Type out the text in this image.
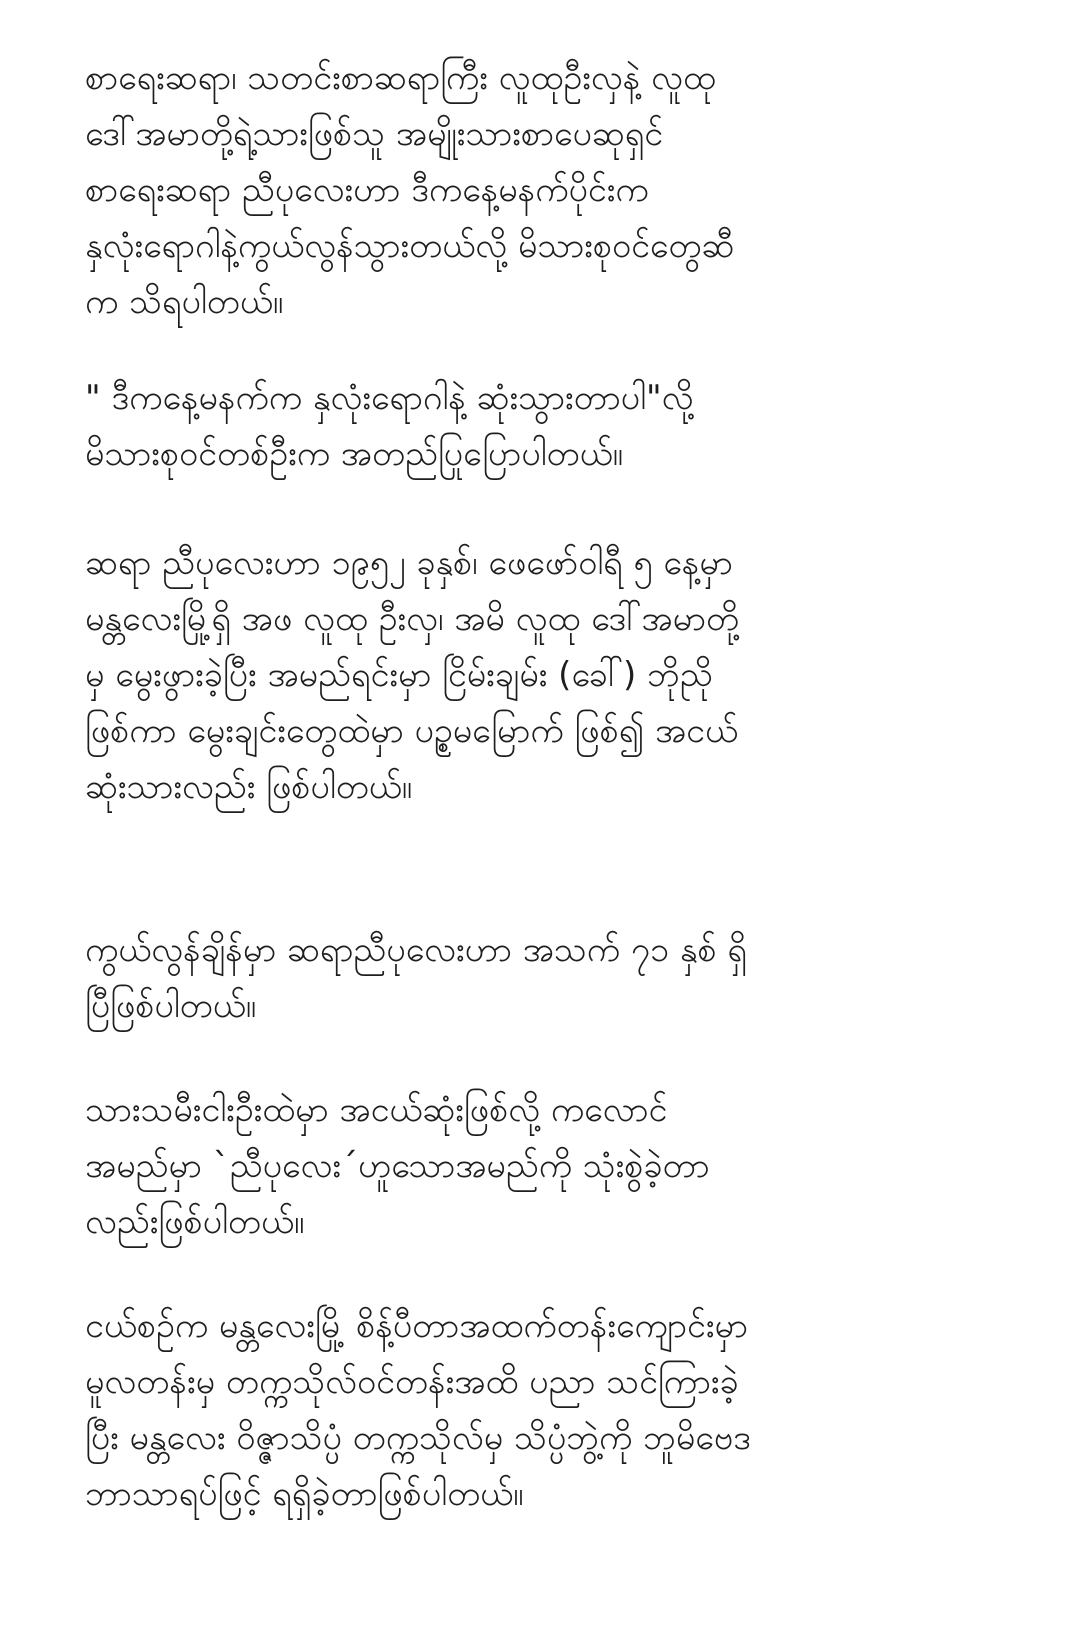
စာရေးဆရာ၊ သတင်းစာဆရာကြီး လူထုဦးလှနဲ့ လူထု
ဒေါ်အမာတို့ရဲ့သားဖြစ်သူ အမျိုးသားစာပေဆုရှင်
စာရေးဆရာ ညီပုလေးဟာ ဒီကနေ့မနက်ပိုင်းက
နှလုံးရောဂါနဲ့ကွယ်လွန်သွားတယ်လို့ မိသားစုဝင်တွေဆီ
က သိရပါတယ်။
" ဒီကနေ့မနက်က နှလုံးရောဂါနဲ့ ဆုံးသွားတာပါ"လို့
မိသားစုဝင်တစ်ဦးက အတည်ပြုပြောပါတယ်။
ဆရာ ညီပုလေးဟာ ၁၉၅၂ ခုနှစ်၊ ဖေဖော်ဝါရီ ၅ နေ့မှာ
မန္တလေးမြို့ရှိ အဖ လူထု ဦးလှ၊ အမိ လူထု ဒေါ်အမာတို့
မှ မွေးဖွားခဲ့ပြီး အမည်ရင်းမှာ ငြိမ်းချမ်း (ခေါ်) ဘိုညို
ဖြစ်ကာ မွေးချင်းတွေထဲမှာ ပဉ္စမမြောက် ဖြစ်၍ အငယ်
ဆုံးသားလည်း ဖြစ်ပါတယ်။
ကွယ်လွန်ချိန်မှာ ဆရာညီပုလေးဟာ အသက် ၇၁ နှစ် ရှိ
ပြီဖြစ်ပါတယ်။
သားသမီးငါးဦးထဲမှာ အငယ်ဆုံးဖြစ်လို့ ကလောင်
အမည်မှာ `ညီပုလေး´ဟူသောအမည်ကို သုံးစွဲခဲ့တာ
လည်းဖြစ်ပါတယ်။
ငယ်စဉ်က မန္တလေးမြို့ စိန့်ပီတာအထက်တန်းကျောင်းမှာ
မူလတန်းမှ တက္ကသိုလ်ဝင်တန်းအထိ ပညာ သင်ကြားခဲ့
ပြီး မန္တလေး ဝိဇ္ဇာသိပ္ပံ တက္ကသိုလ်မှ သိပ္ပံဘွဲ့ကို ဘူမိဗေဒ
ဘာသာရပ်ဖြင့် ရရှိခဲ့တာဖြစ်ပါတယ်။
